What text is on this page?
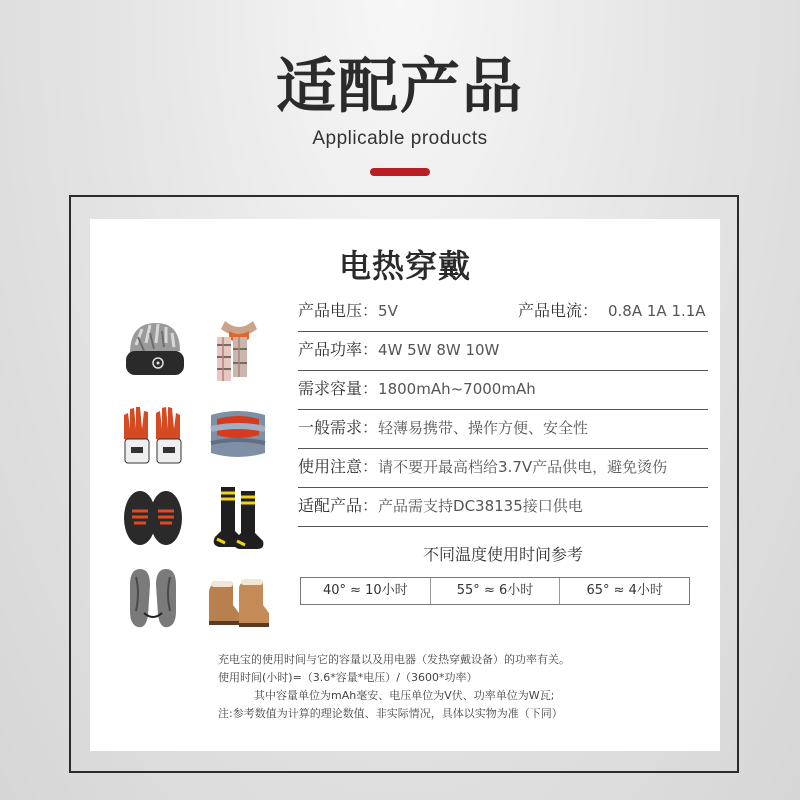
适配产品
Applicable products
电热穿戴
产品电压：5V	产品电流： 0.8A 1A 1.1A
产品功率：4W 5W 8W 10W
需求容量：1800mAh~7000mAh
一般需求：轻薄易携带、操作方便、安全性
使用注意：请不要开最高档给3.7V产品供电，避免烫伤
适配产品：产品需支持DC38135接口供电
不同温度使用时间参考
40° ≈ 10小时	55° ≈ 6小时	65° ≈ 4小时
充电宝的使用时间与它的容量以及用电器（发热穿戴设备）的功率有关。
使用时间(小时)=（3.6*容量*电压）/（3600*功率）
其中容量单位为mAh毫安、电压单位为V伏、功率单位为W瓦;
注:参考数值为计算的理论数值、非实际情况，具体以实物为准（下同）
